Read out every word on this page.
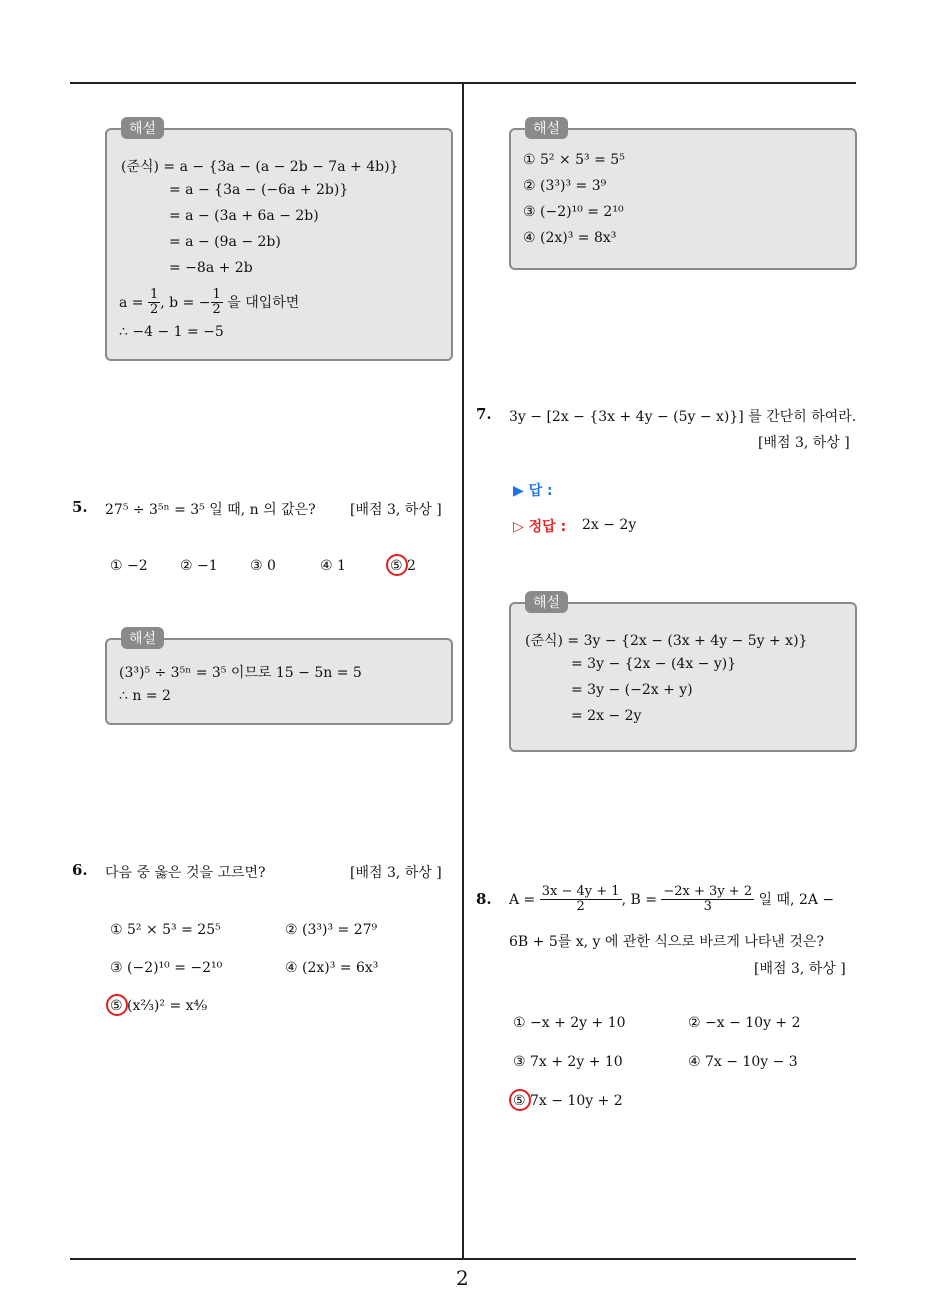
2
해설
(준식) = a − {3a − (a − 2b − 7a + 4b)}
= a − {3a − (−6a + 2b)}
= a − (3a + 6a − 2b)
= a − (9a − 2b)
= −8a + 2b
$a = \frac{1}{2}$ , b = − $\frac{1}{2}$ 을 대입하면
∴ −4 − 1 = −5
5. 27⁵ ÷ 3⁵ⁿ = 3⁵ 일 때, n 의 값은? [배점 3, 하상 ]
① −2 ② −1 ③ 0	④ 1	⑤ 2
해설
(3³)⁵ ÷ 3⁵ⁿ = 3⁵ 이므로 15 − 5n = 5
∴ n = 2
6. 다음 중 옳은 것을 고르면?	[배점 3, 하상 ]
① 5² × 5³ = 25⁵	② (3³)³ = 27⁹
③ (−2)¹⁰ = −2¹⁰	④ (2x)³ = 6x³
⑤ (x⅔)² = x⁴⁄₉
해설
① 5² × 5³ = 5⁵
② (3³)³ = 3⁹
③ (−2)¹⁰ = 2¹⁰
④ (2x)³ = 8x³
7. 3y − [2x − {3x + 4y − (5y − x)}] 를 간단히 하여라.
[배점 3, 하상 ]
▶ 답 :
▷ 정답 : 2x − 2y
해설
(준식) = 3y − {2x − (3x + 4y − 5y + x)}
= 3y − {2x − (4x − y)}
= 3y − (−2x + y)
= 2x − 2y
8. $A = \frac{3x - 4y + 1}{2}$ , $B = \frac{-2x + 3y + 2}{3}$ 일 때, 2A −
6B + 5를 x, y 에 관한 식으로 바르게 나타낸 것은?
[배점 3, 하상 ]
① −x + 2y + 10	② −x − 10y + 2
③ 7x + 2y + 10	④ 7x − 10y − 3
⑤ 7x − 10y + 2
